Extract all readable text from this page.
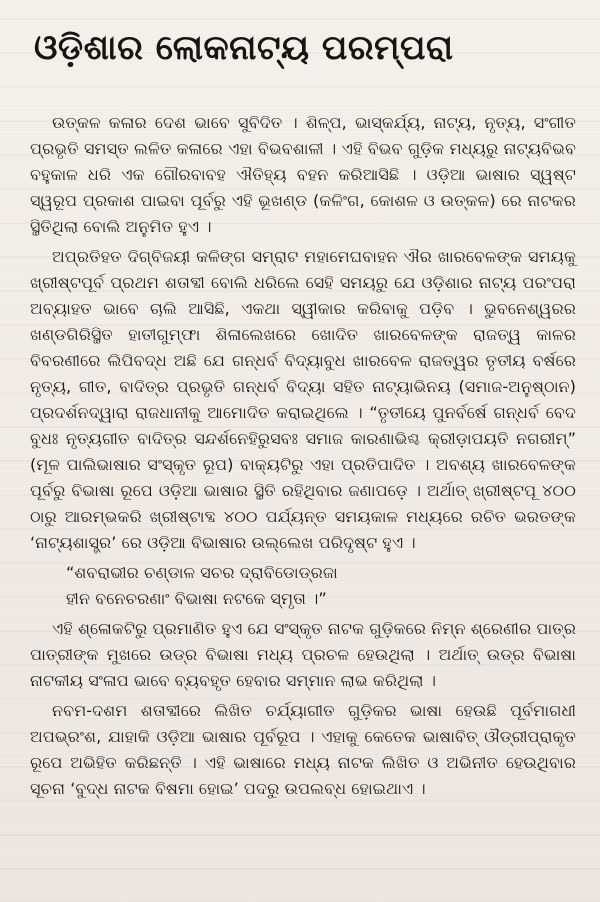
ଓଡ଼ିଶାର ଲୋକନାଟ୍ୟ ପରମ୍ପରା

ଉତ୍କଳ କଳାର ଦେଶ ଭାବେ ସୁବିଦିତ । ଶିଳ୍ପ, ଭାସ୍କର୍ଯ୍ୟ, ନାଟ୍ୟ, ନୃତ୍ୟ, ସଂଗୀତ ପ୍ରଭୃତି ସମସ୍ତ ଲଳିତ କଳାରେ ଏହା ବିଭବଶାଳୀ । ଏହି ବିଭବ ଗୁଡ଼ିକ ମଧ୍ୟରୁ ନାଟ୍ୟବିଭବ ବହୁକାଳ ଧରି ଏକ ଗୌରବାବହ ଐତିହ୍ୟ ବହନ କରିଆସିଛି । ଓଡ଼ିଆ ଭାଷାର ସ୍ୱଷ୍ଟ ସ୍ୱରୂପ ପ୍ରକାଶ ପାଇବା ପୂର୍ବରୁ ଏହି ଭୂଖଣ୍ଡ (କଳିଂଗ, କୋଶଳ ଓ ଉତ୍କଳ) ରେ ନାଟକର ସ୍ଥିତିଥିଲା ବୋଲି ଅନୁମିତ ହୁଏ ।

ଅପ୍ରତିହତ ଦିଗ୍‌ବିଜୟୀ କଳିଙ୍ଗ ସମ୍ରାଟ ମହାମେଘବାହନ ଐର ଖାରବେଳଙ୍କ ସମୟକୁ ଖ୍ରୀଷ୍ଟପୂର୍ବ ପ୍ରଥମ ଶତାବ୍ଦୀ ବୋଲି ଧରିଲେ ସେହି ସମୟରୁ ଯେ ଓଡ଼ିଶାର ନାଟ୍ୟ ପରଂପରା ଅବ୍ୟାହତ ଭାବେ ଚାଲି ଆସିଛି, ଏକଥା ସ୍ୱୀକାର କରିବାକୁ ପଡ଼ିବ । ଭୁବନେଶ୍ୱରର ଖଣ୍ଡଗିରିସ୍ଥିତ ହାତୀଗୁମ୍ଫା ଶିଳାଲେଖରେ ଖୋଦିତ ଖାରବେଳଙ୍କ ରାଜତ୍ୱ କାଳର ବିବରଣୀରେ ଲିପିବଦ୍ଧ ଅଛି ଯେ ଗନ୍ଧର୍ବ ବିଦ୍ୟାବୁଧ ଖାରବେଳ ରାଜତ୍ୱର ତୃତୀୟ ବର୍ଷରେ ନୃତ୍ୟ, ଗୀତ, ବାଦିତ୍ର ପ୍ରଭୃତି ଗନ୍ଧର୍ବ ବିଦ୍ୟା ସହିତ ନାଟ୍ୟାଭିନୟ (ସମାଜ-ଅନୁଷ୍ଠାନ) ପ୍ରଦର୍ଶନଦ୍ୱାରା ରାଜଧାନୀକୁ ଆମୋଦିତ କରାଇଥିଲେ । “ତୃତୀୟେ ପୁନର୍ବର୍ଷେ ଗନ୍ଧର୍ବ ବେଦ ବୁଧଃ ନୃତ୍ୟଗୀତ ବାଦିତ୍ର ସନ୍ଦର୍ଶନେହିରୁସବଃ ସମାଜ କାରଣାଭିଶ୍ଚ କ୍ରୀଡ଼ାପୟତି ନଗରୀମ୍” (ମୂଳ ପାଲିଭାଷାର ସଂସ୍କୃତ ରୂପ) ବାକ୍ୟଟିରୁ ଏହା ପ୍ରତିପାଦିତ । ଅବଶ୍ୟ ଖାରବେଳଙ୍କ ପୂର୍ବରୁ ବିଭାଷା ରୂପେ ଓଡ଼ିଆ ଭାଷାର ସ୍ଥିତି ରହିଥିବାର ଜଣାପଡ଼େ । ଅର୍ଥାତ୍ ଖ୍ରୀଷ୍ଟପୂ ୪୦୦ ଠାରୁ ଆରମ୍ଭକରି ଖ୍ରୀଷ୍ଟାବ୍ଦ ୪୦୦ ପର୍ଯ୍ୟନ୍ତ ସମୟକାଳ ମଧ୍ୟରେ ରଚିତ ଭରତଙ୍କ ‘ନାଟ୍ୟଶାସ୍ତ୍ର’ ରେ ଓଡ଼ିଆ ବିଭାଷାର ଉଲ୍ଲେଖ ପରିଦୃଷ୍ଟ ହୁଏ ।

“ଶବରାଭୀର ଚଣ୍ଡାଳ ସଚର ଦ୍ରାବିଡୋଡ୍ରଜା
ହୀନ ବନେଚରଣାଂ ବିଭାଷା ନଟକେ ସ୍ମୃତା ।”

ଏହି ଶ୍ଳୋକଟିରୁ ପ୍ରମାଣିତ ହୁଏ ଯେ ସଂସ୍କୃତ ନାଟକ ଗୁଡ଼ିକରେ ନିମ୍ନ ଶ୍ରେଣୀର ପାତ୍ର ପାତ୍ରୀଙ୍କ ମୁଖରେ ଉଡ୍ର ବିଭାଷା ମଧ୍ୟ ପ୍ରଚଳ ହେଉଥିଲା । ଅର୍ଥାତ୍ ଉଡ୍ର ବିଭାଷା ନାଟକୀୟ ସଂଳାପ ଭାବେ ବ୍ୟବହୃତ ହେବାର ସମ୍ମାନ ଲାଭ କରିଥିଲା ।

ନବମ-ଦଶମ ଶତାବ୍ଦୀରେ ଲିଖିତ ଚର୍ଯ୍ୟାଗୀତ ଗୁଡ଼ିକର ଭାଷା ହେଉଛି ପୂର୍ବମାଗଧୀ ଅପଭ୍ରଂଶ, ଯାହାକି ଓଡ଼ିଆ ଭାଷାର ପୂର୍ବରୂପ । ଏହାକୁ କେତେକ ଭାଷାବିତ୍ ଔଡ୍ରୀପ୍ରାକୃତ ରୂପେ ଅଭିହିତ କରିଛନ୍ତି । ଏହି ଭାଷାରେ ମଧ୍ୟ ନାଟକ ଲିଖିତ ଓ ଅଭିନୀତ ହେଉଥିବାର ସୂଚନା ‘ବୁଦ୍ଧ ନାଟକ ବିଷମା ହୋଇ’ ପଦରୁ ଉପଲବ୍ଧ ହୋଇଥାଏ ।
